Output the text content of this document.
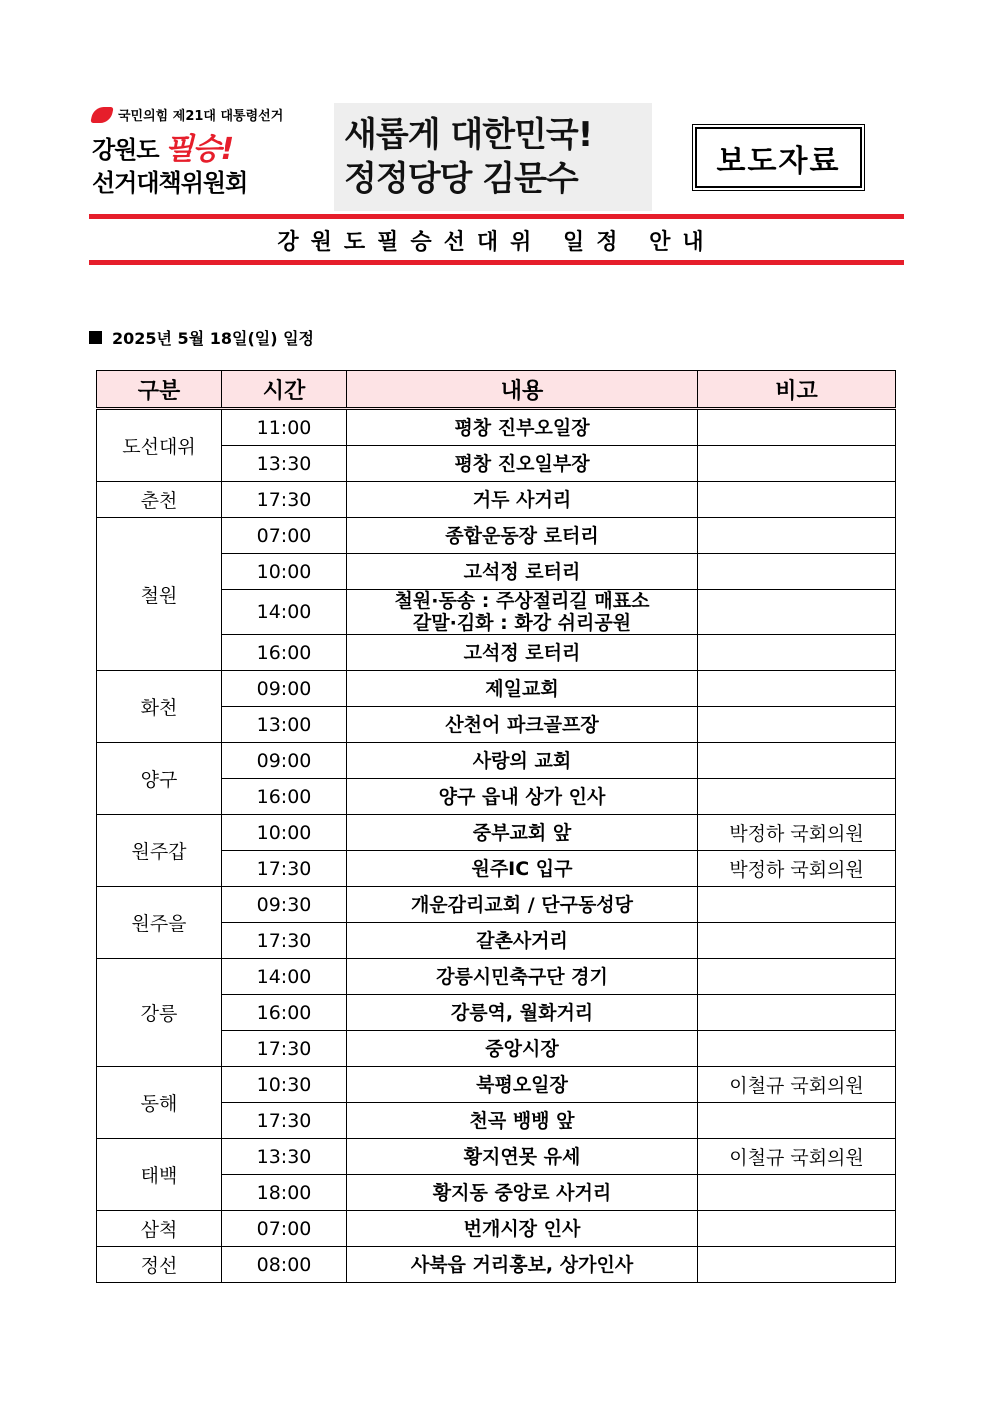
국민의힘 제21대 대통령선거
강원도 필승!
선거대책위원회
새롭게 대한민국!
정정당당 김문수	보도자료
강원도필승선대위 일정 안내
2025년 5월 18일(일) 일정
구분	시간	내용	비고
도선대위	11:00	평창 진부오일장	

	13:30	평창 진오일부장	

춘천	17:30	거두 사거리	

철원	07:00	종합운동장 로터리	

	10:00	고석정 로터리	

	14:00	철원·동송 : 주상절리길 매표소
갈말·김화 : 화강 쉬리공원	

	16:00	고석정 로터리	

화천	09:00	제일교회	

	13:00	산천어 파크골프장	

양구	09:00	사랑의 교회	

	16:00	양구 읍내 상가 인사	

원주갑	10:00	중부교회 앞	박정하 국회의원
	17:30	원주IC 입구	박정하 국회의원
원주을	09:30	개운감리교회 / 단구동성당	

	17:30	갈촌사거리	

강릉	14:00	강릉시민축구단 경기	

	16:00	강릉역, 월화거리	

	17:30	중앙시장	

동해	10:30	북평오일장	이철규 국회의원
	17:30	천곡 뱅뱅 앞	

태백	13:30	황지연못 유세	이철규 국회의원
	18:00	황지동 중앙로 사거리	

삼척	07:00	번개시장 인사	

정선	08:00	사북읍 거리홍보, 상가인사	
